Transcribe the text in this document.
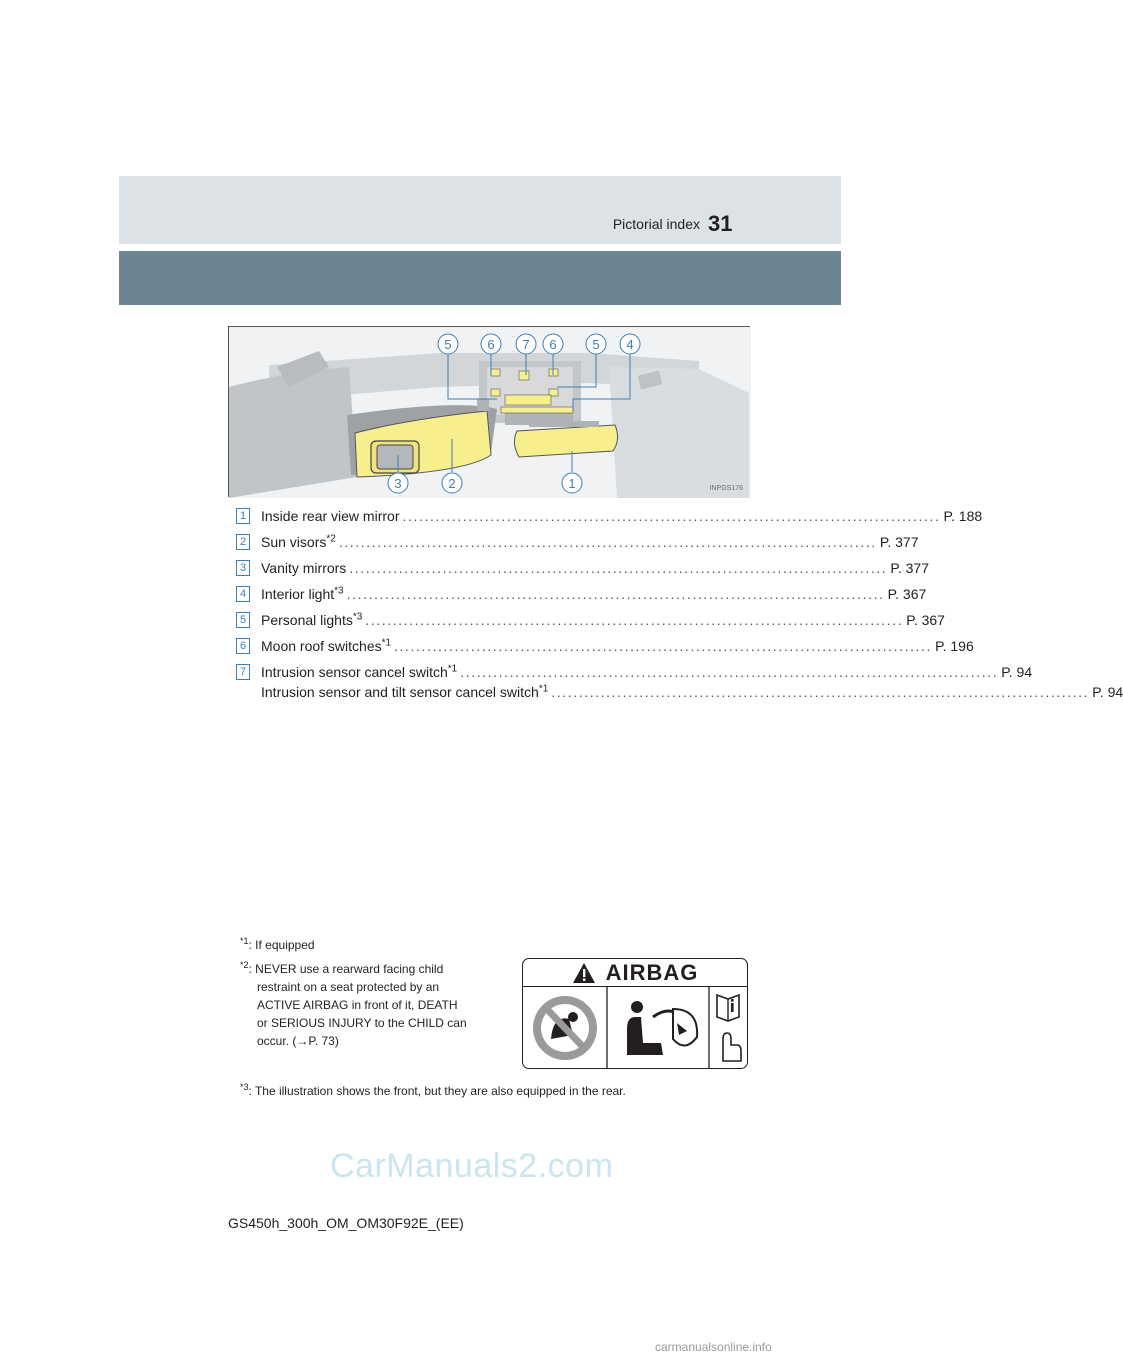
Pictorial index 31
5	6 7 6	5 4
3	2	1	INPGS176
1 Inside rear view mirror .................................................................................................. P. 188
2 Sun visors$^{*2}$ .................................................................................................. P. 377
3 Vanity mirrors .................................................................................................. P. 377
4 Interior light$^{*3}$ .................................................................................................. P. 367
5 Personal lights$^{*3}$ .................................................................................................. P. 367
6 Moon roof switches$^{*1}$ .................................................................................................. P. 196
7 Intrusion sensor cancel switch$^{*1}$ .................................................................................................. P. 94
Intrusion sensor and tilt sensor cancel switch$^{*1}$ .................................................................................................. P. 94
$^{*1}$: If equipped
$^{*2}$: NEVER use a rearward facing child
restraint on a seat protected by an
ACTIVE AIRBAG in front of it, DEATH
or SERIOUS INJURY to the CHILD can
occur. (→P. 73)
AIRBAG
$^{*3}$: The illustration shows the front, but they are also equipped in the rear.
CarManuals2.com
GS450h_300h_OM_OM30F92E_(EE)
carmanualsonline.info
